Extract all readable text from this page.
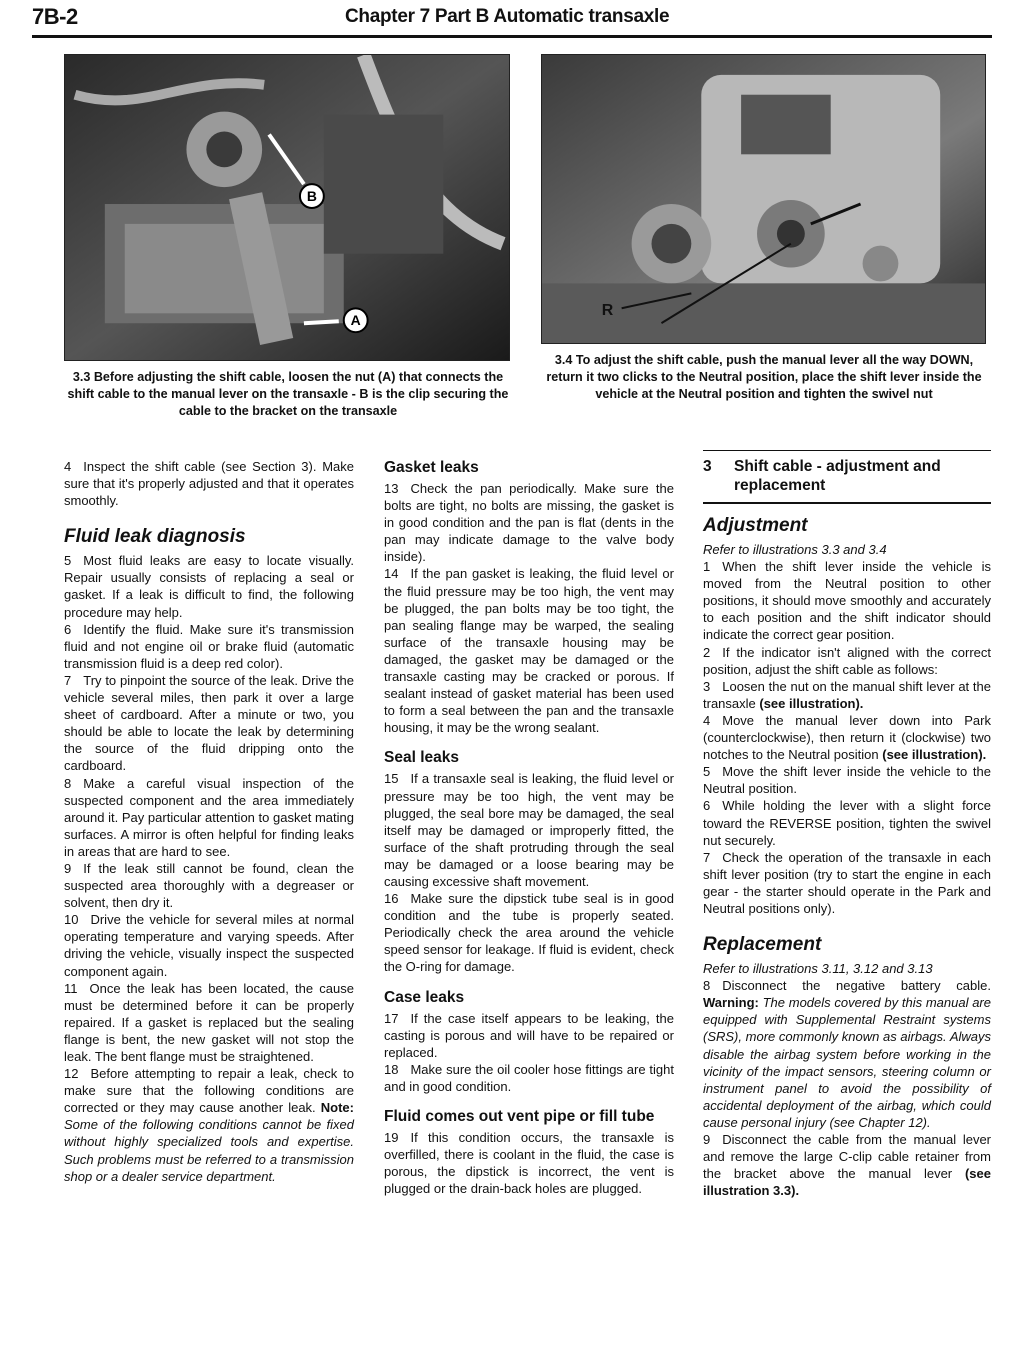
7B-2	Chapter 7 Part B Automatic transaxle
B
A
3.3 Before adjusting the shift cable, loosen the nut (A) that connects the shift cable to the manual lever on the transaxle - B is the clip securing the cable to the bracket on the transaxle
R
3.4 To adjust the shift cable, push the manual lever all the way DOWN, return it two clicks to the Neutral position, place the shift lever inside the vehicle at the Neutral position and tighten the swivel nut

4 Inspect the shift cable (see Section 3). Make sure that it's properly adjusted and that it operates smoothly.

Fluid leak diagnosis

5 Most fluid leaks are easy to locate visually. Repair usually consists of replacing a seal or gasket. If a leak is difficult to find, the following procedure may help.

6 Identify the fluid. Make sure it's transmission fluid and not engine oil or brake fluid (automatic transmission fluid is a deep red color).

7 Try to pinpoint the source of the leak. Drive the vehicle several miles, then park it over a large sheet of cardboard. After a minute or two, you should be able to locate the leak by determining the source of the fluid dripping onto the cardboard.

8 Make a careful visual inspection of the suspected component and the area immediately around it. Pay particular attention to gasket mating surfaces. A mirror is often helpful for finding leaks in areas that are hard to see.

9 If the leak still cannot be found, clean the suspected area thoroughly with a degreaser or solvent, then dry it.

10 Drive the vehicle for several miles at normal operating temperature and varying speeds. After driving the vehicle, visually inspect the suspected component again.

11 Once the leak has been located, the cause must be determined before it can be properly repaired. If a gasket is replaced but the sealing flange is bent, the new gasket will not stop the leak. The bent flange must be straightened.

12 Before attempting to repair a leak, check to make sure that the following conditions are corrected or they may cause another leak. Note: Some of the following conditions cannot be fixed without highly specialized tools and expertise. Such problems must be referred to a transmission shop or a dealer service department.

Gasket leaks

13 Check the pan periodically. Make sure the bolts are tight, no bolts are missing, the gasket is in good condition and the pan is flat (dents in the pan may indicate damage to the valve body inside).

14 If the pan gasket is leaking, the fluid level or the fluid pressure may be too high, the vent may be plugged, the pan bolts may be too tight, the pan sealing flange may be warped, the sealing surface of the transaxle housing may be damaged, the gasket may be damaged or the transaxle casting may be cracked or porous. If sealant instead of gasket material has been used to form a seal between the pan and the transaxle housing, it may be the wrong sealant.

Seal leaks

15 If a transaxle seal is leaking, the fluid level or pressure may be too high, the vent may be plugged, the seal bore may be damaged, the seal itself may be damaged or improperly fitted, the surface of the shaft protruding through the seal may be damaged or a loose bearing may be causing excessive shaft movement.

16 Make sure the dipstick tube seal is in good condition and the tube is properly seated. Periodically check the area around the vehicle speed sensor for leakage. If fluid is evident, check the O-ring for damage.

Case leaks

17 If the case itself appears to be leaking, the casting is porous and will have to be repaired or replaced.

18 Make sure the oil cooler hose fittings are tight and in good condition.

Fluid comes out vent pipe or fill tube

19 If this condition occurs, the transaxle is overfilled, there is coolant in the fluid, the case is porous, the dipstick is incorrect, the vent is plugged or the drain-back holes are plugged.

3	Shift cable - adjustment and replacement
Adjustment

Refer to illustrations 3.3 and 3.4

1 When the shift lever inside the vehicle is moved from the Neutral position to other positions, it should move smoothly and accurately to each position and the shift indicator should indicate the correct gear position.

2 If the indicator isn't aligned with the correct position, adjust the shift cable as follows:

3 Loosen the nut on the manual shift lever at the transaxle (see illustration).

4 Move the manual lever down into Park (counterclockwise), then return it (clockwise) two notches to the Neutral position (see illustration).

5 Move the shift lever inside the vehicle to the Neutral position.

6 While holding the lever with a slight force toward the REVERSE position, tighten the swivel nut securely.

7 Check the operation of the transaxle in each shift lever position (try to start the engine in each gear - the starter should operate in the Park and Neutral positions only).

Replacement

Refer to illustrations 3.11, 3.12 and 3.13

8 Disconnect the negative battery cable. Warning: The models covered by this manual are equipped with Supplemental Restraint systems (SRS), more commonly known as airbags. Always disable the airbag system before working in the vicinity of the impact sensors, steering column or instrument panel to avoid the possibility of accidental deployment of the airbag, which could cause personal injury (see Chapter 12).

9 Disconnect the cable from the manual lever and remove the large C-clip cable retainer from the bracket above the manual lever (see illustration 3.3).
